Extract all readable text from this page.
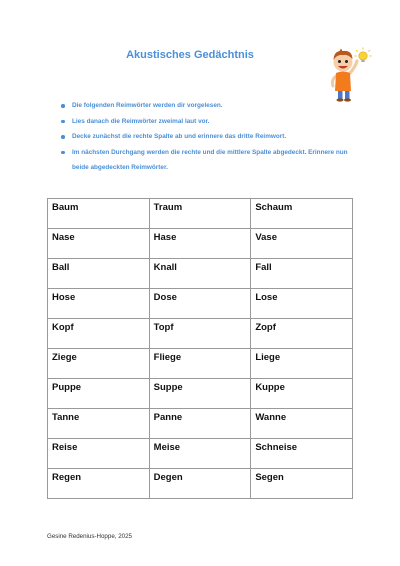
Akustisches Gedächtnis
Die folgenden Reimwörter werden dir vorgelesen.
Lies danach die Reimwörter zweimal laut vor.
Decke zunächst die rechte Spalte ab und erinnere das dritte Reimwort.
Im nächsten Durchgang werden die rechte und die mittlere Spalte abgedeckt. Erinnere nun beide abgedeckten Reimwörter.
Baum	Traum	Schaum
Nase	Hase	Vase
Ball	Knall	Fall
Hose	Dose	Lose
Kopf	Topf	Zopf
Ziege	Fliege	Liege
Puppe	Suppe	Kuppe
Tanne	Panne	Wanne
Reise	Meise	Schneise
Regen	Degen	Segen
Gesine Redenius-Hoppe, 2025
